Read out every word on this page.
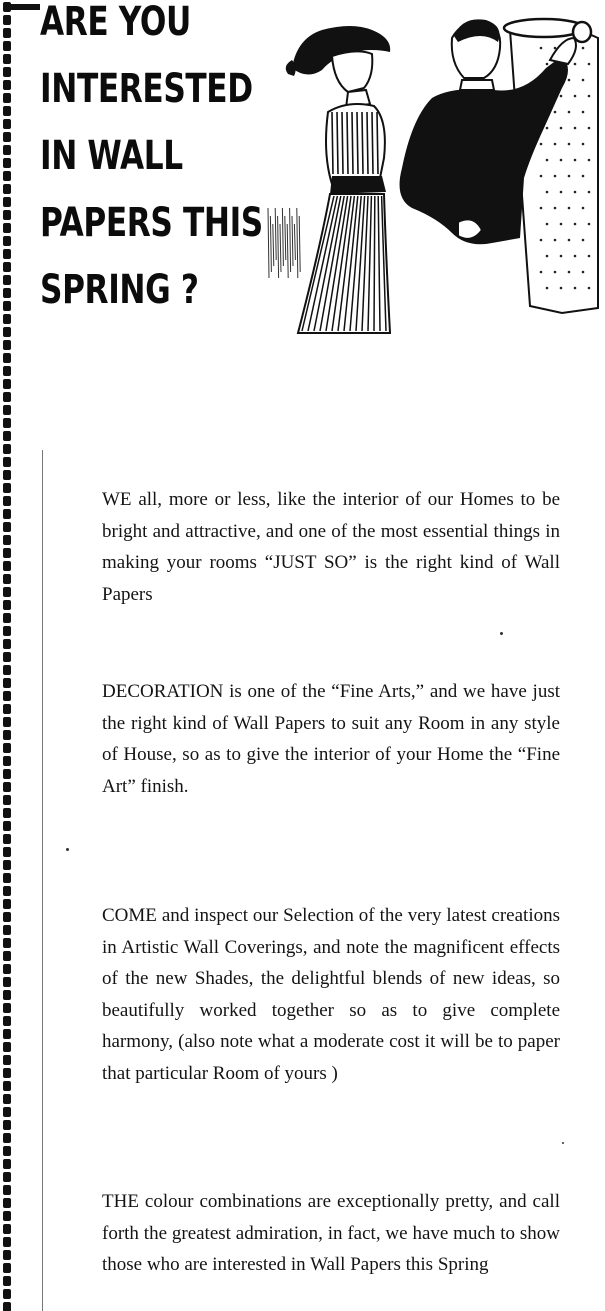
ARE YOU
INTERESTED
IN WALL
PAPERS THIS
SPRING ?

WE all, more or less, like the interior of our Homes to be bright and attractive, and one of the most essential things in making your rooms “JUST SO” is the right kind of Wall Papers

DECORATION is one of the “Fine Arts,” and we have just the right kind of Wall Papers to suit any Room in any style of House, so as to give the interior of your Home the “Fine Art” finish.

COME and inspect our Selection of the very latest creations in Artistic Wall Coverings, and note the magnificent effects of the new Shades, the delightful blends of new ideas, so beautifully worked together so as to give complete harmony, (also note what a moderate cost it will be to paper that particular Room of yours )

THE colour combinations are exceptionally pretty, and call forth the greatest admiration, in fact, we have much to show those who are interested in Wall Papers this Spring
